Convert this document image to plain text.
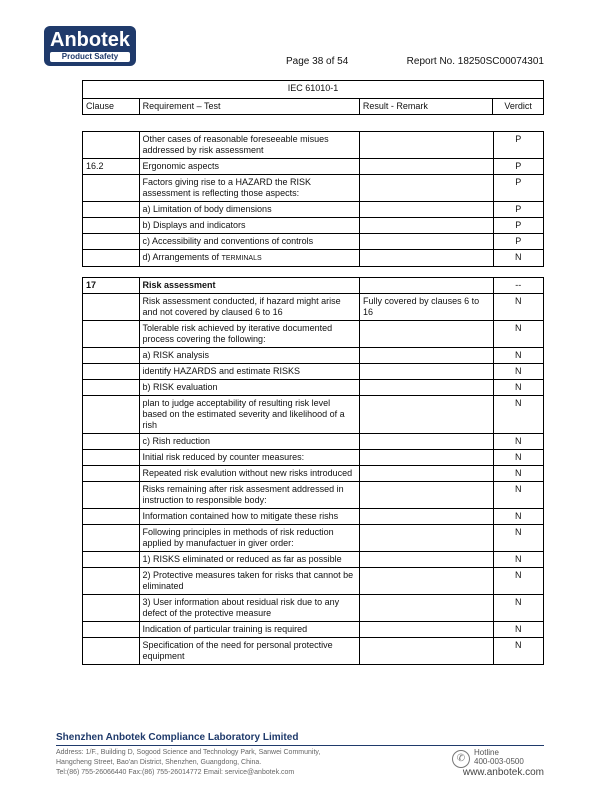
Anbotek
Product Safety	Page 38 of 54	Report No. 18250SC00074301
IEC 61010-1
Clause	Requirement – Test	Result - Remark	Verdict
	Other cases of reasonable foreseeable misues addressed by risk assessment		P
16.2	Ergonomic aspects		P
	Factors giving rise to a HAZARD the RISK assessment is reflecting those aspects:		P
	a) Limitation of body dimensions		P
	b) Displays and indicators		P
	c) Accessibility and conventions of controls		P
	d) Arrangements of TERMINALS		N

17	Risk assessment		--
	Risk assessment conducted, if hazard might arise and not covered by claused 6 to 16	Fully covered by clauses 6 to 16	N
	Tolerable risk achieved by iterative documented process covering the following:		N
	a) RISK analysis		N
	identify HAZARDS and estimate RISKS		N
	b) RISK evaluation		N
	plan to judge acceptability of resulting risk level based on the estimated severity and likelihood of a rish		N
	c) Rish reduction		N
	Initial risk reduced by counter measures:		N
	Repeated risk evalution without new risks introduced		N
	Risks remaining after risk assesment addressed in instruction to responsible body:		N
	Information contained how to mitigate these rishs		N
	Following principles in methods of risk reduction applied by manufactuer in giver order:		N
	1) RISKS eliminated or reduced as far as possible		N
	2) Protective measures taken for risks that cannot be eliminated		N
	3) User information about residual risk due to any defect of the protective measure		N
	Indication of particular training is required		N
	Specification of the need for personal protective equipment		N
Shenzhen Anbotek Compliance Laboratory Limited
Address: 1/F., Building D, Sogood Science and Technology Park, Sanwei Community,
Hangcheng Street, Bao'an District, Shenzhen, Guangdong, China.
Tel:(86) 755-26066440 Fax:(86) 755-26014772 Email: service@anbotek.com
✆
Hotline
400-003-0500
www.anbotek.com
